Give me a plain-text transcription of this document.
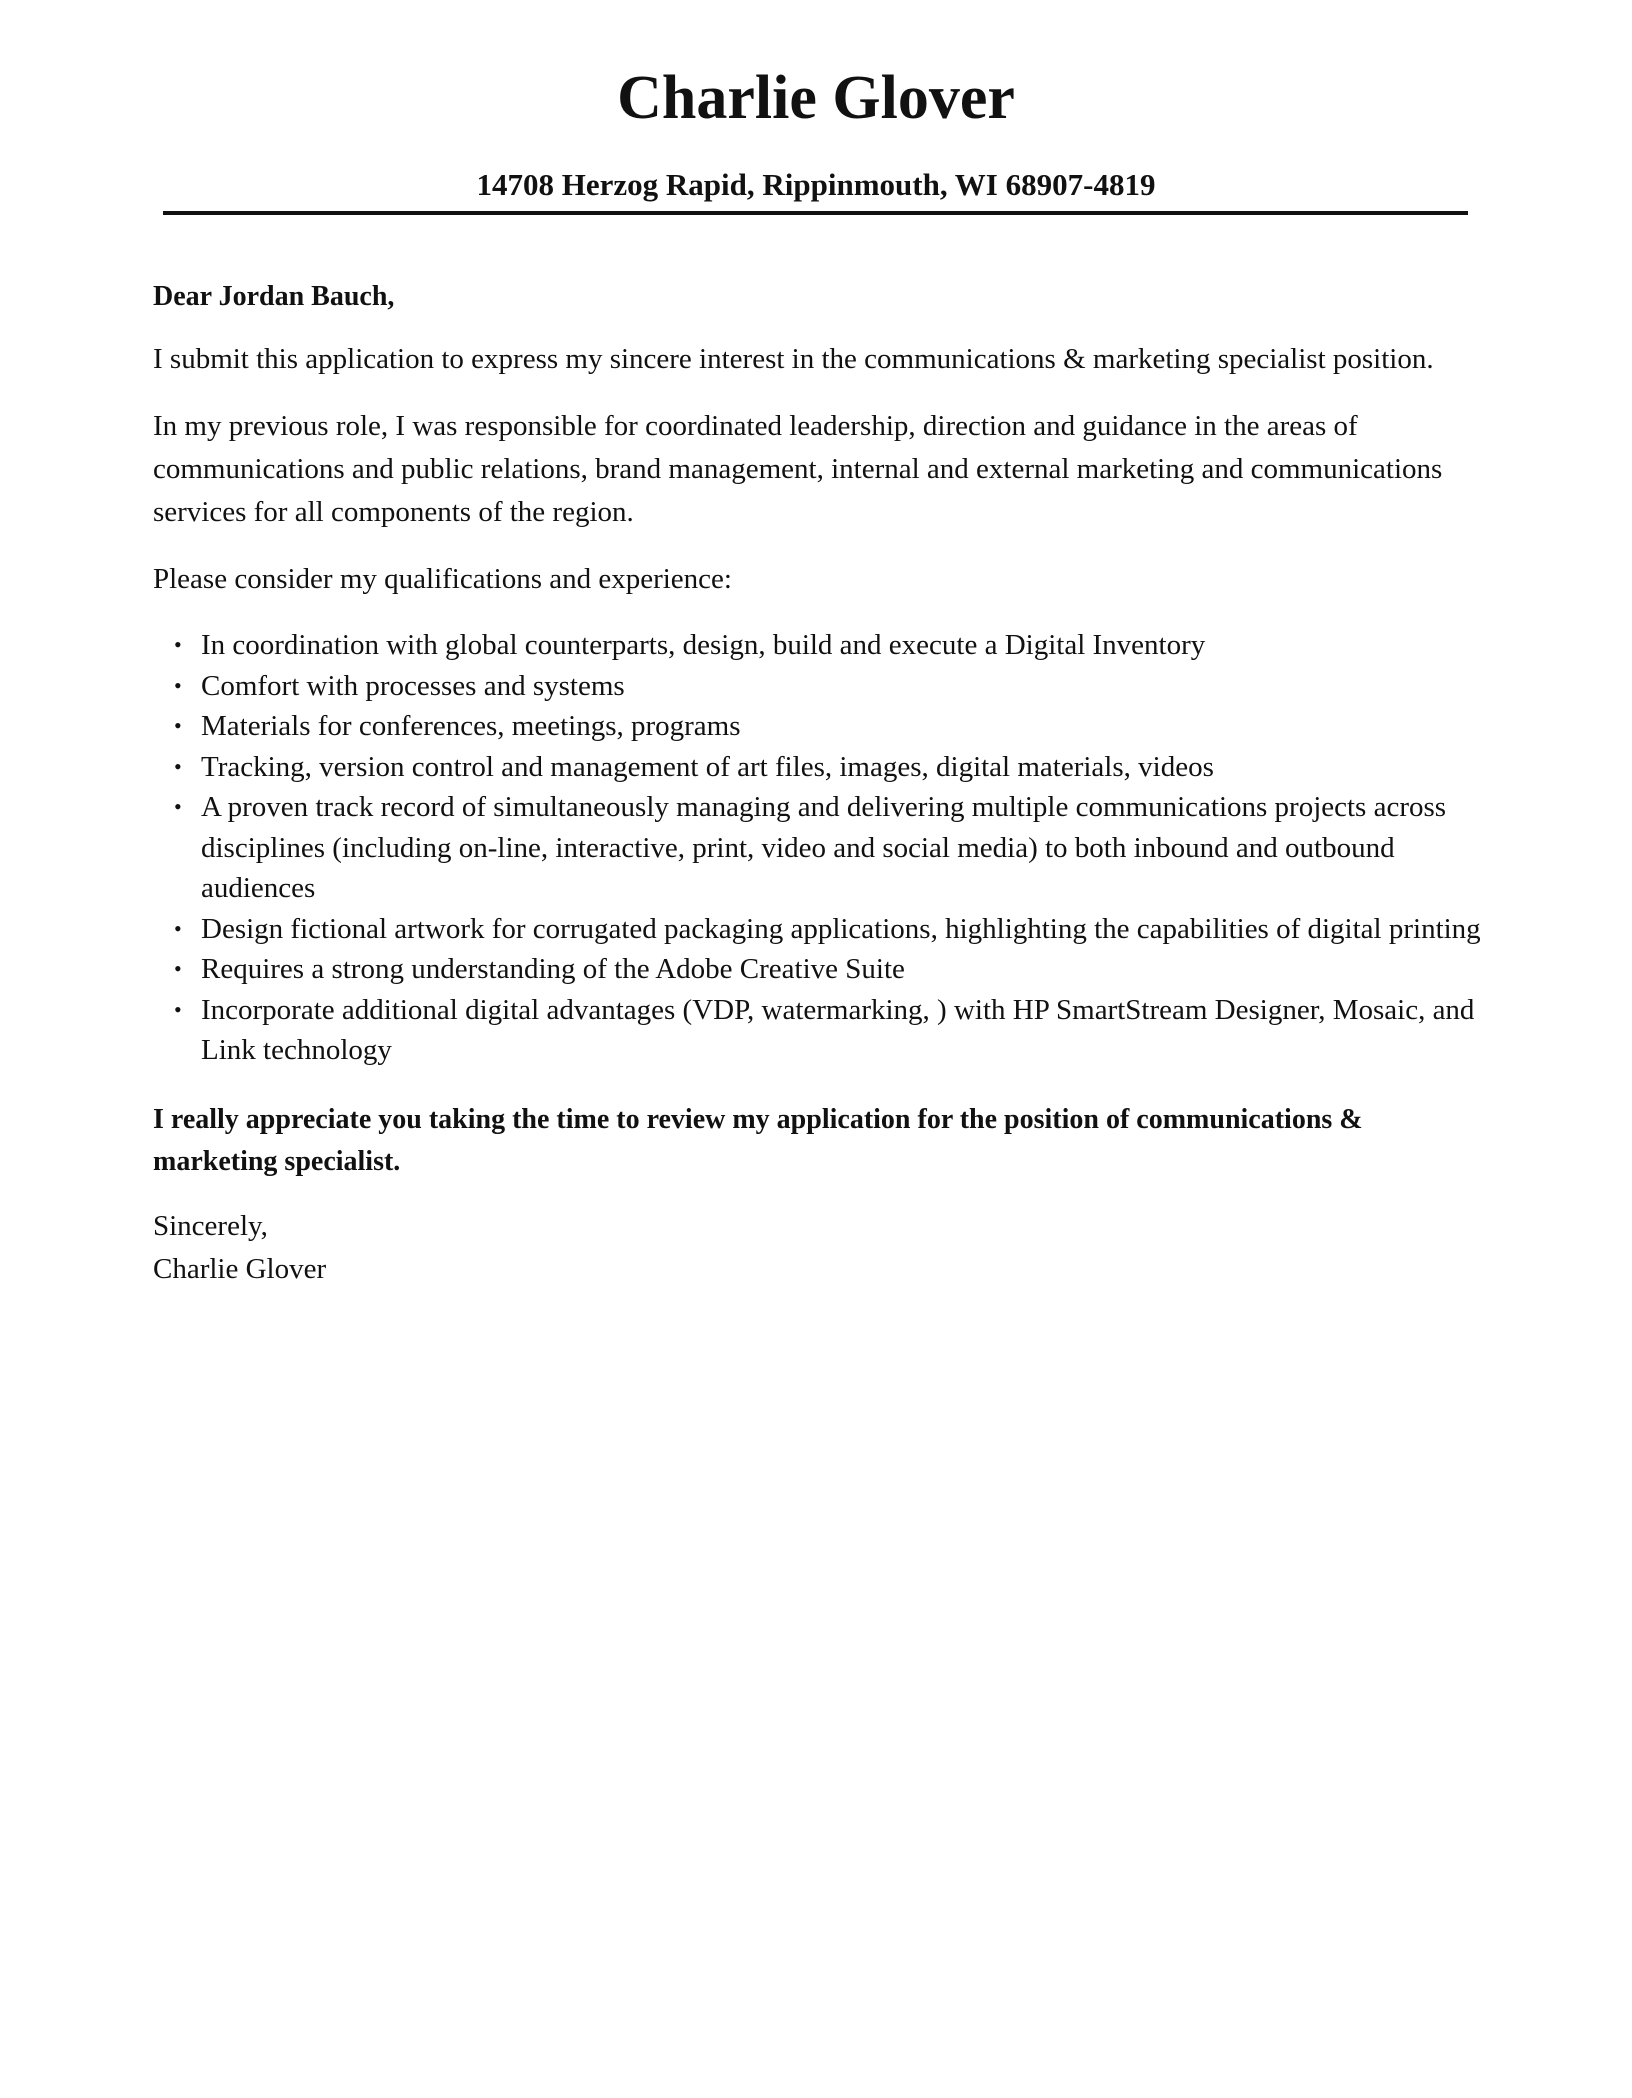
Charlie Glover

14708 Herzog Rapid, Rippinmouth, WI 68907-4819

Dear Jordan Bauch,

I submit this application to express my sincere interest in the communications & marketing specialist position.

In my previous role, I was responsible for coordinated leadership, direction and guidance in the areas of communications and public relations, brand management, internal and external marketing and communications services for all components of the region.

Please consider my qualifications and experience:

• In coordination with global counterparts, design, build and execute a Digital Inventory
• Comfort with processes and systems
• Materials for conferences, meetings, programs
• Tracking, version control and management of art files, images, digital materials, videos
• A proven track record of simultaneously managing and delivering multiple communications projects across disciplines (including on-line, interactive, print, video and social media) to both inbound and outbound audiences
• Design fictional artwork for corrugated packaging applications, highlighting the capabilities of digital printing
• Requires a strong understanding of the Adobe Creative Suite
• Incorporate additional digital advantages (VDP, watermarking, ) with HP SmartStream Designer, Mosaic, and Link technology

I really appreciate you taking the time to review my application for the position of communications & marketing specialist.

Sincerely,
Charlie Glover
